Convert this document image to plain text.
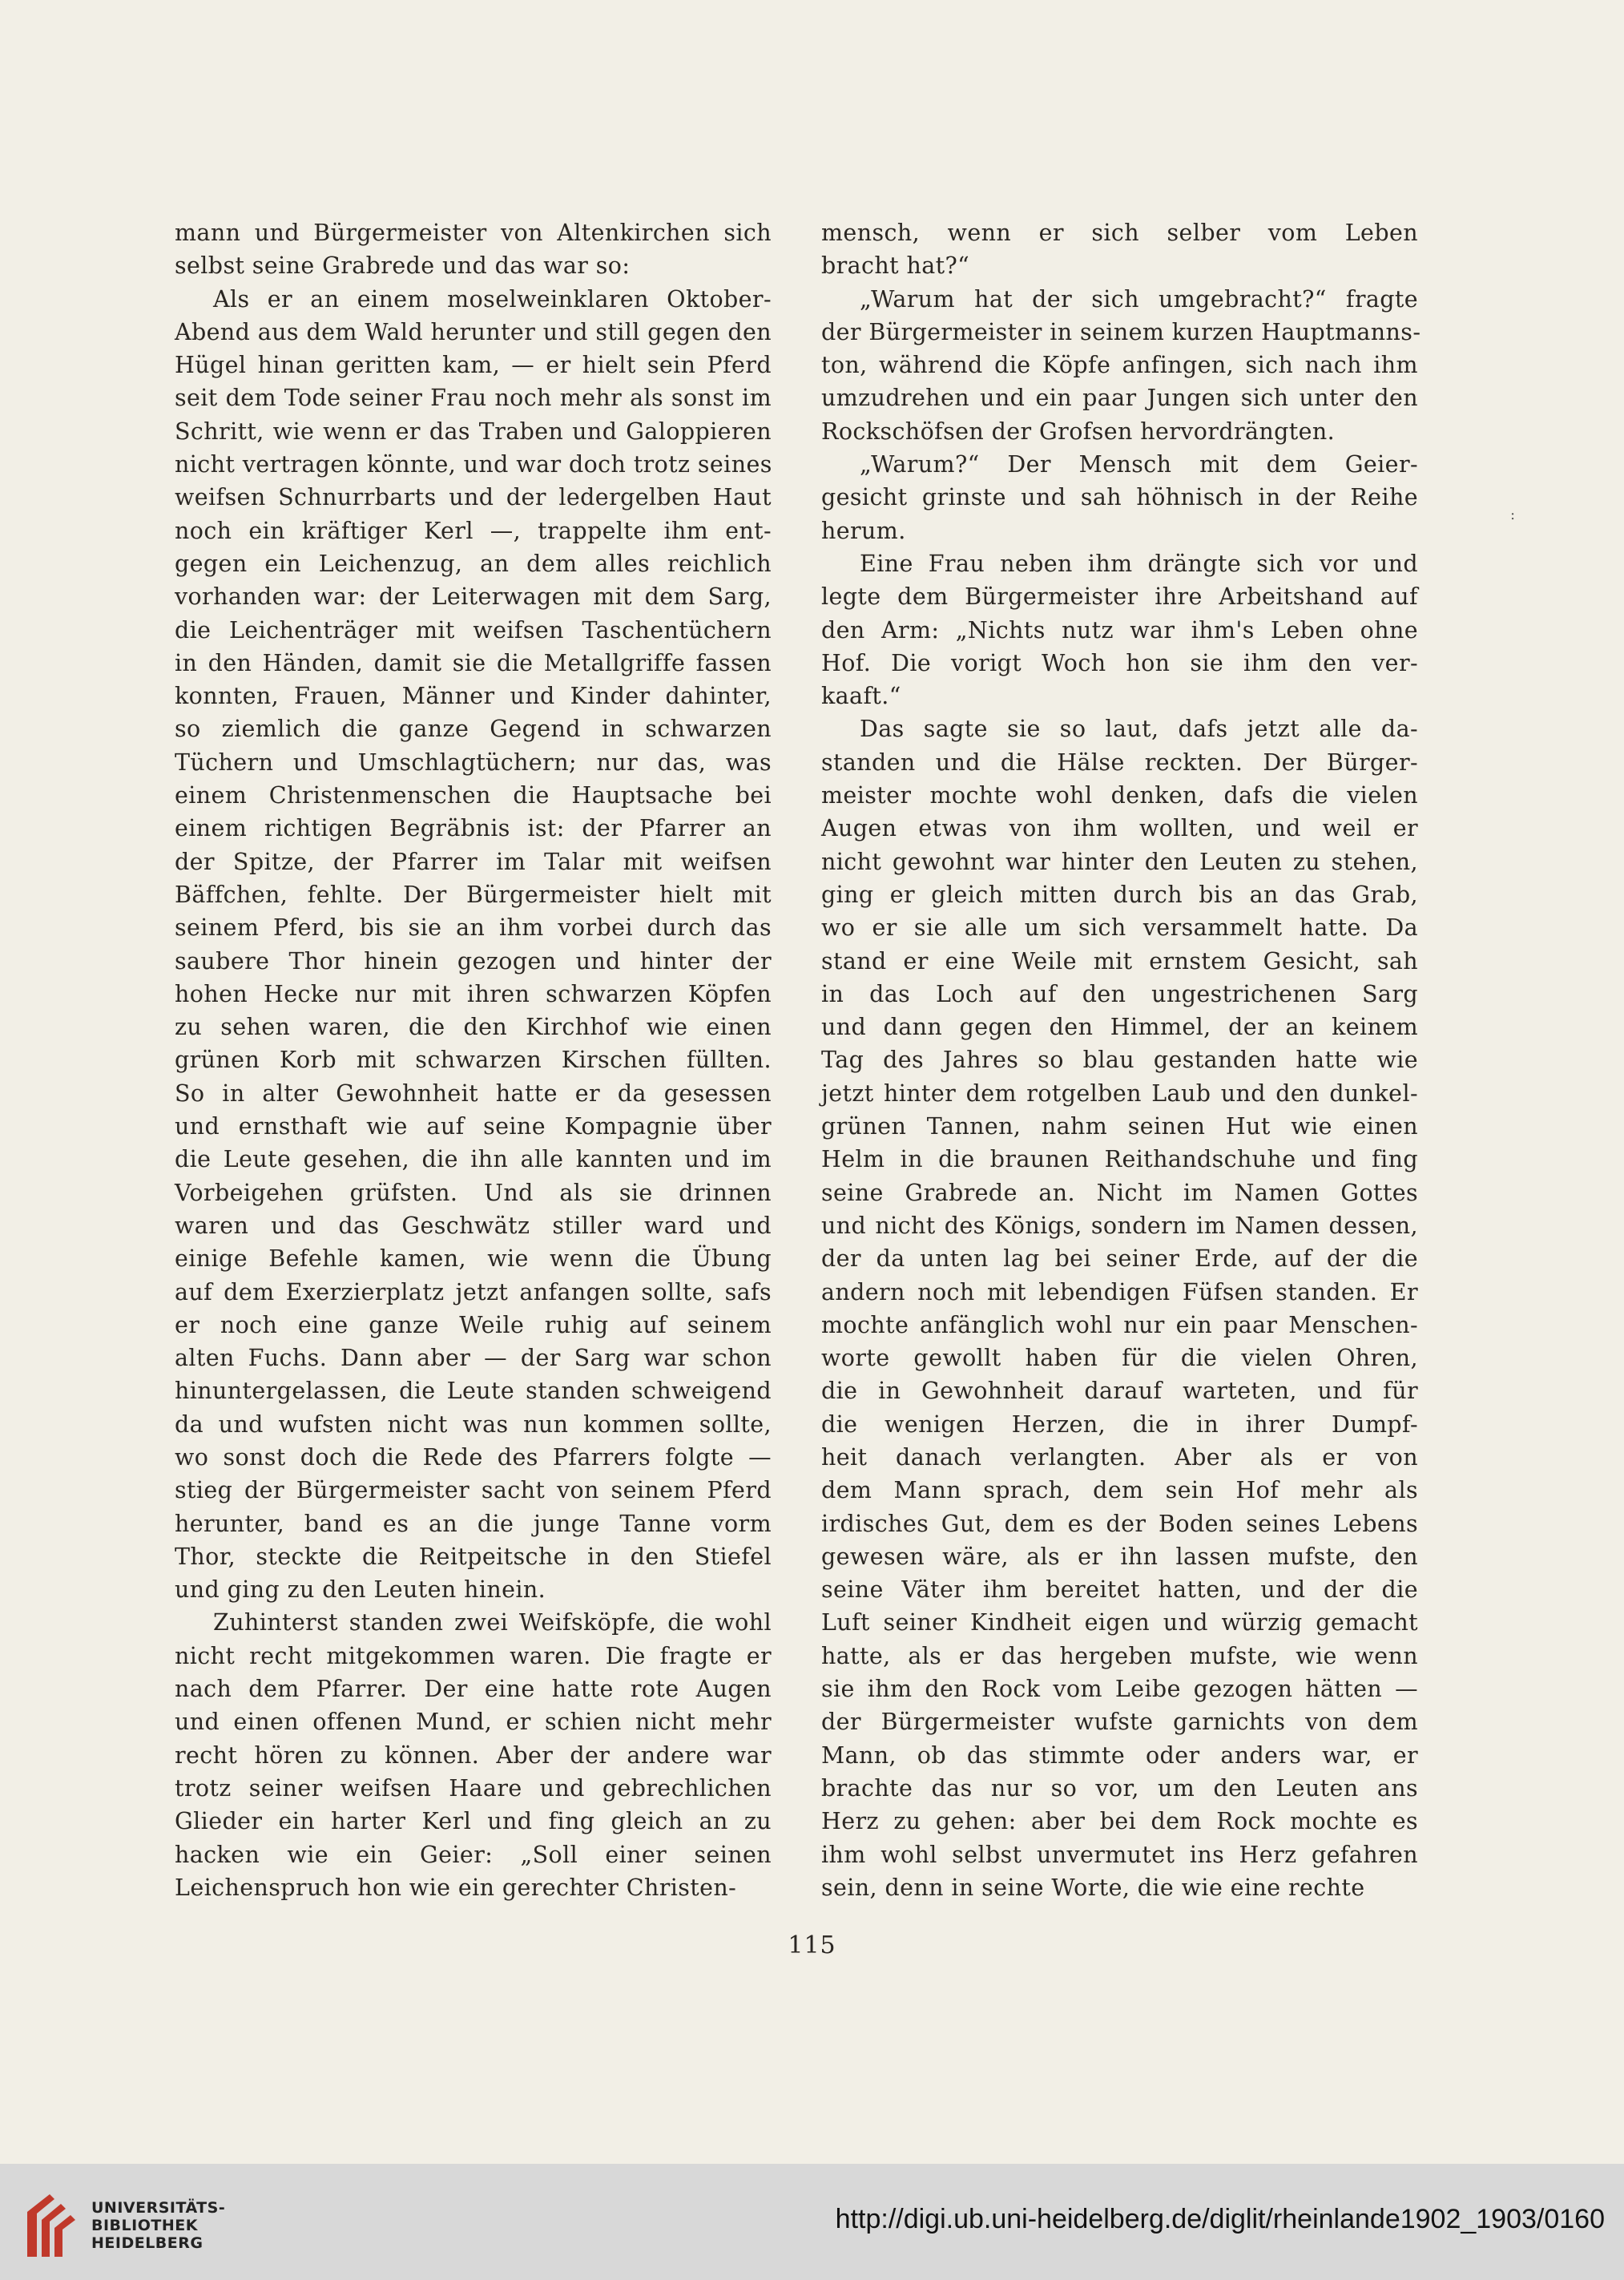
mann und Bürgermeister von Altenkirchen sich
selbst seine Grabrede und das war so:
Als er an einem moselweinklaren Oktober-
Abend aus dem Wald herunter und still gegen den
Hügel hinan geritten kam, — er hielt sein Pferd
seit dem Tode seiner Frau noch mehr als sonst im
Schritt, wie wenn er das Traben und Galoppieren
nicht vertragen könnte, und war doch trotz seines
weifsen Schnurrbarts und der ledergelben Haut
noch ein kräftiger Kerl —, trappelte ihm ent-
gegen ein Leichenzug, an dem alles reichlich
vorhanden war: der Leiterwagen mit dem Sarg,
die Leichenträger mit weifsen Taschentüchern
in den Händen, damit sie die Metallgriffe fassen
konnten, Frauen, Männer und Kinder dahinter,
so ziemlich die ganze Gegend in schwarzen
Tüchern und Umschlagtüchern; nur das, was
einem Christenmenschen die Hauptsache bei
einem richtigen Begräbnis ist: der Pfarrer an
der Spitze, der Pfarrer im Talar mit weifsen
Bäffchen, fehlte. Der Bürgermeister hielt mit
seinem Pferd, bis sie an ihm vorbei durch das
saubere Thor hinein gezogen und hinter der
hohen Hecke nur mit ihren schwarzen Köpfen
zu sehen waren, die den Kirchhof wie einen
grünen Korb mit schwarzen Kirschen füllten.
So in alter Gewohnheit hatte er da gesessen
und ernsthaft wie auf seine Kompagnie über
die Leute gesehen, die ihn alle kannten und im
Vorbeigehen grüfsten. Und als sie drinnen
waren und das Geschwätz stiller ward und
einige Befehle kamen, wie wenn die Übung
auf dem Exerzierplatz jetzt anfangen sollte, safs
er noch eine ganze Weile ruhig auf seinem
alten Fuchs. Dann aber — der Sarg war schon
hinuntergelassen, die Leute standen schweigend
da und wufsten nicht was nun kommen sollte,
wo sonst doch die Rede des Pfarrers folgte —
stieg der Bürgermeister sacht von seinem Pferd
herunter, band es an die junge Tanne vorm
Thor, steckte die Reitpeitsche in den Stiefel
und ging zu den Leuten hinein.
Zuhinterst standen zwei Weifsköpfe, die wohl
nicht recht mitgekommen waren. Die fragte er
nach dem Pfarrer. Der eine hatte rote Augen
und einen offenen Mund, er schien nicht mehr
recht hören zu können. Aber der andere war
trotz seiner weifsen Haare und gebrechlichen
Glieder ein harter Kerl und fing gleich an zu
hacken wie ein Geier: „Soll einer seinen
Leichenspruch hon wie ein gerechter Christen-
mensch, wenn er sich selber vom Leben
bracht hat?“
„Warum hat der sich umgebracht?“ fragte
der Bürgermeister in seinem kurzen Hauptmanns-
ton, während die Köpfe anfingen, sich nach ihm
umzudrehen und ein paar Jungen sich unter den
Rockschöfsen der Grofsen hervordrängten.
„Warum?“ Der Mensch mit dem Geier-
gesicht grinste und sah höhnisch in der Reihe
herum.
Eine Frau neben ihm drängte sich vor und
legte dem Bürgermeister ihre Arbeitshand auf
den Arm: „Nichts nutz war ihm's Leben ohne
Hof. Die vorigt Woch hon sie ihm den ver-
kaaft.“
Das sagte sie so laut, dafs jetzt alle da-
standen und die Hälse reckten. Der Bürger-
meister mochte wohl denken, dafs die vielen
Augen etwas von ihm wollten, und weil er
nicht gewohnt war hinter den Leuten zu stehen,
ging er gleich mitten durch bis an das Grab,
wo er sie alle um sich versammelt hatte. Da
stand er eine Weile mit ernstem Gesicht, sah
in das Loch auf den ungestrichenen Sarg
und dann gegen den Himmel, der an keinem
Tag des Jahres so blau gestanden hatte wie
jetzt hinter dem rotgelben Laub und den dunkel-
grünen Tannen, nahm seinen Hut wie einen
Helm in die braunen Reithandschuhe und fing
seine Grabrede an. Nicht im Namen Gottes
und nicht des Königs, sondern im Namen dessen,
der da unten lag bei seiner Erde, auf der die
andern noch mit lebendigen Füfsen standen. Er
mochte anfänglich wohl nur ein paar Menschen-
worte gewollt haben für die vielen Ohren,
die in Gewohnheit darauf warteten, und für
die wenigen Herzen, die in ihrer Dumpf-
heit danach verlangten. Aber als er von
dem Mann sprach, dem sein Hof mehr als
irdisches Gut, dem es der Boden seines Lebens
gewesen wäre, als er ihn lassen mufste, den
seine Väter ihm bereitet hatten, und der die
Luft seiner Kindheit eigen und würzig gemacht
hatte, als er das hergeben mufste, wie wenn
sie ihm den Rock vom Leibe gezogen hätten —
der Bürgermeister wufste garnichts von dem
Mann, ob das stimmte oder anders war, er
brachte das nur so vor, um den Leuten ans
Herz zu gehen: aber bei dem Rock mochte es
ihm wohl selbst unvermutet ins Herz gefahren
sein, denn in seine Worte, die wie eine rechte
:
115
UNIVERSITÄTS-
BIBLIOTHEK
HEIDELBERG
http://digi.ub.uni-heidelberg.de/diglit/rheinlande1902_1903/0160
